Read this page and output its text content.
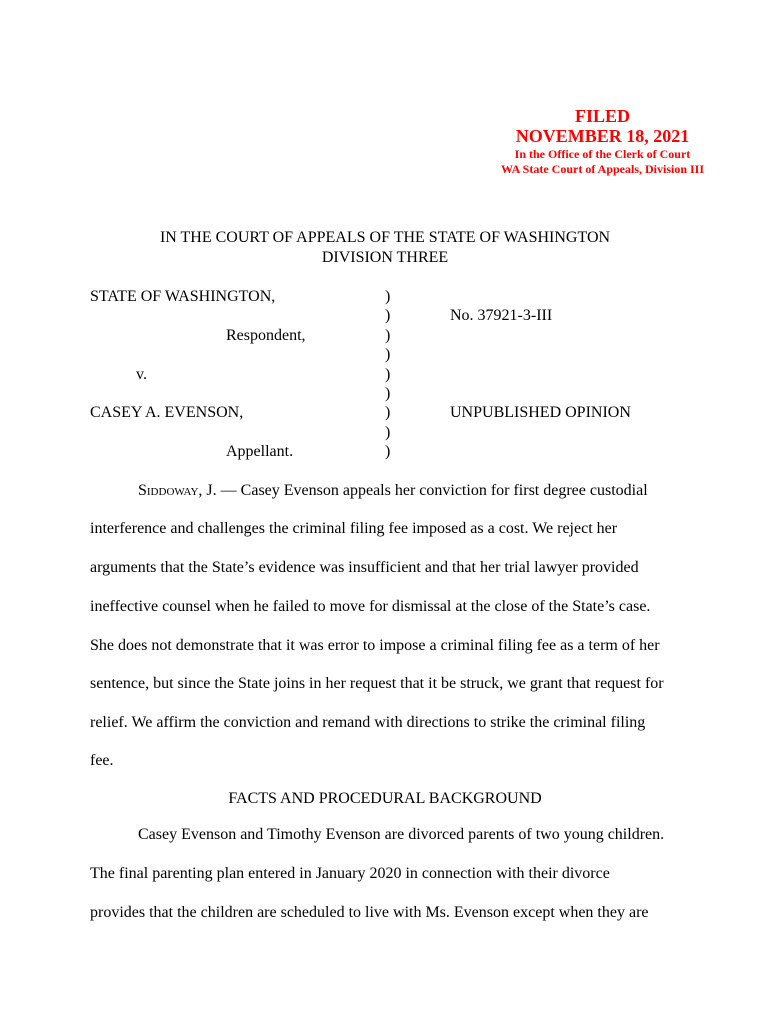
FILED
NOVEMBER 18, 2021
In the Office of the Clerk of Court
WA State Court of Appeals, Division III
IN THE COURT OF APPEALS OF THE STATE OF WASHINGTON
DIVISION THREE
STATE OF WASHINGTON,
Respondent,
v.
CASEY A. EVENSON,
Appellant.
)
)
)
)
)
)
)
)
)
No. 37921-3-III
UNPUBLISHED OPINION
Siddoway, J. — Casey Evenson appeals her conviction for first degree custodial
interference and challenges the criminal filing fee imposed as a cost. We reject her
arguments that the State’s evidence was insufficient and that her trial lawyer provided
ineffective counsel when he failed to move for dismissal at the close of the State’s case.
She does not demonstrate that it was error to impose a criminal filing fee as a term of her
sentence, but since the State joins in her request that it be struck, we grant that request for
relief. We affirm the conviction and remand with directions to strike the criminal filing
fee.
FACTS AND PROCEDURAL BACKGROUND
Casey Evenson and Timothy Evenson are divorced parents of two young children.
The final parenting plan entered in January 2020 in connection with their divorce
provides that the children are scheduled to live with Ms. Evenson except when they are
